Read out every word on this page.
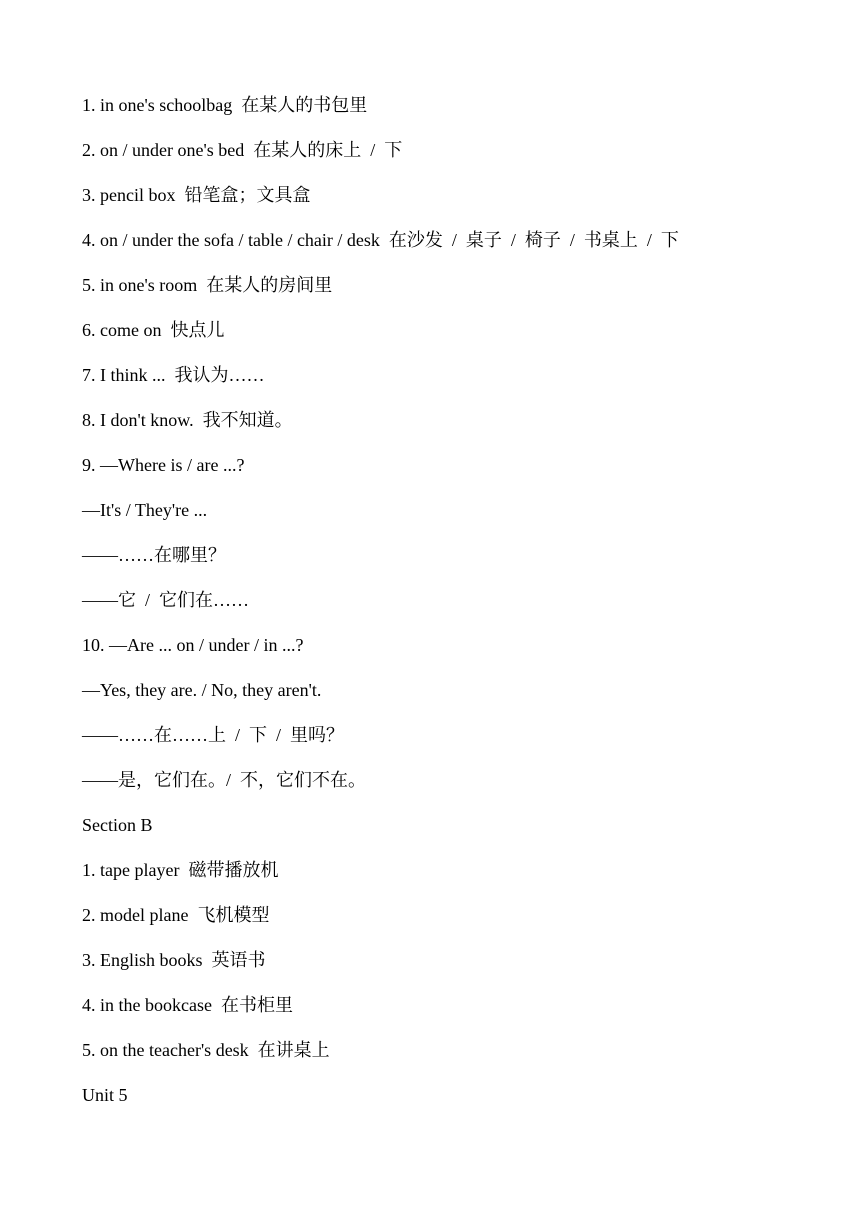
1. in one's schoolbag  在某人的书包里
2. on / under one's bed  在某人的床上  /  下
3. pencil box  铅笔盒；文具盒
4. on / under the sofa / table / chair / desk  在沙发  /  桌子  /  椅子  /  书桌上  /  下
5. in one's room  在某人的房间里
6. come on  快点儿
7. I think ...  我认为……
8. I don't know.  我不知道。
9. —Where is / are ...?
—It's / They're ...
——……在哪里？
——它  /  它们在……
10. —Are ... on / under / in ...?
—Yes, they are. / No, they aren't.
——……在……上  /  下  /  里吗？
——是，它们在。/  不，它们不在。
Section B
1. tape player  磁带播放机
2. model plane  飞机模型
3. English books  英语书
4. in the bookcase  在书柜里
5. on the teacher's desk  在讲桌上
Unit 5
